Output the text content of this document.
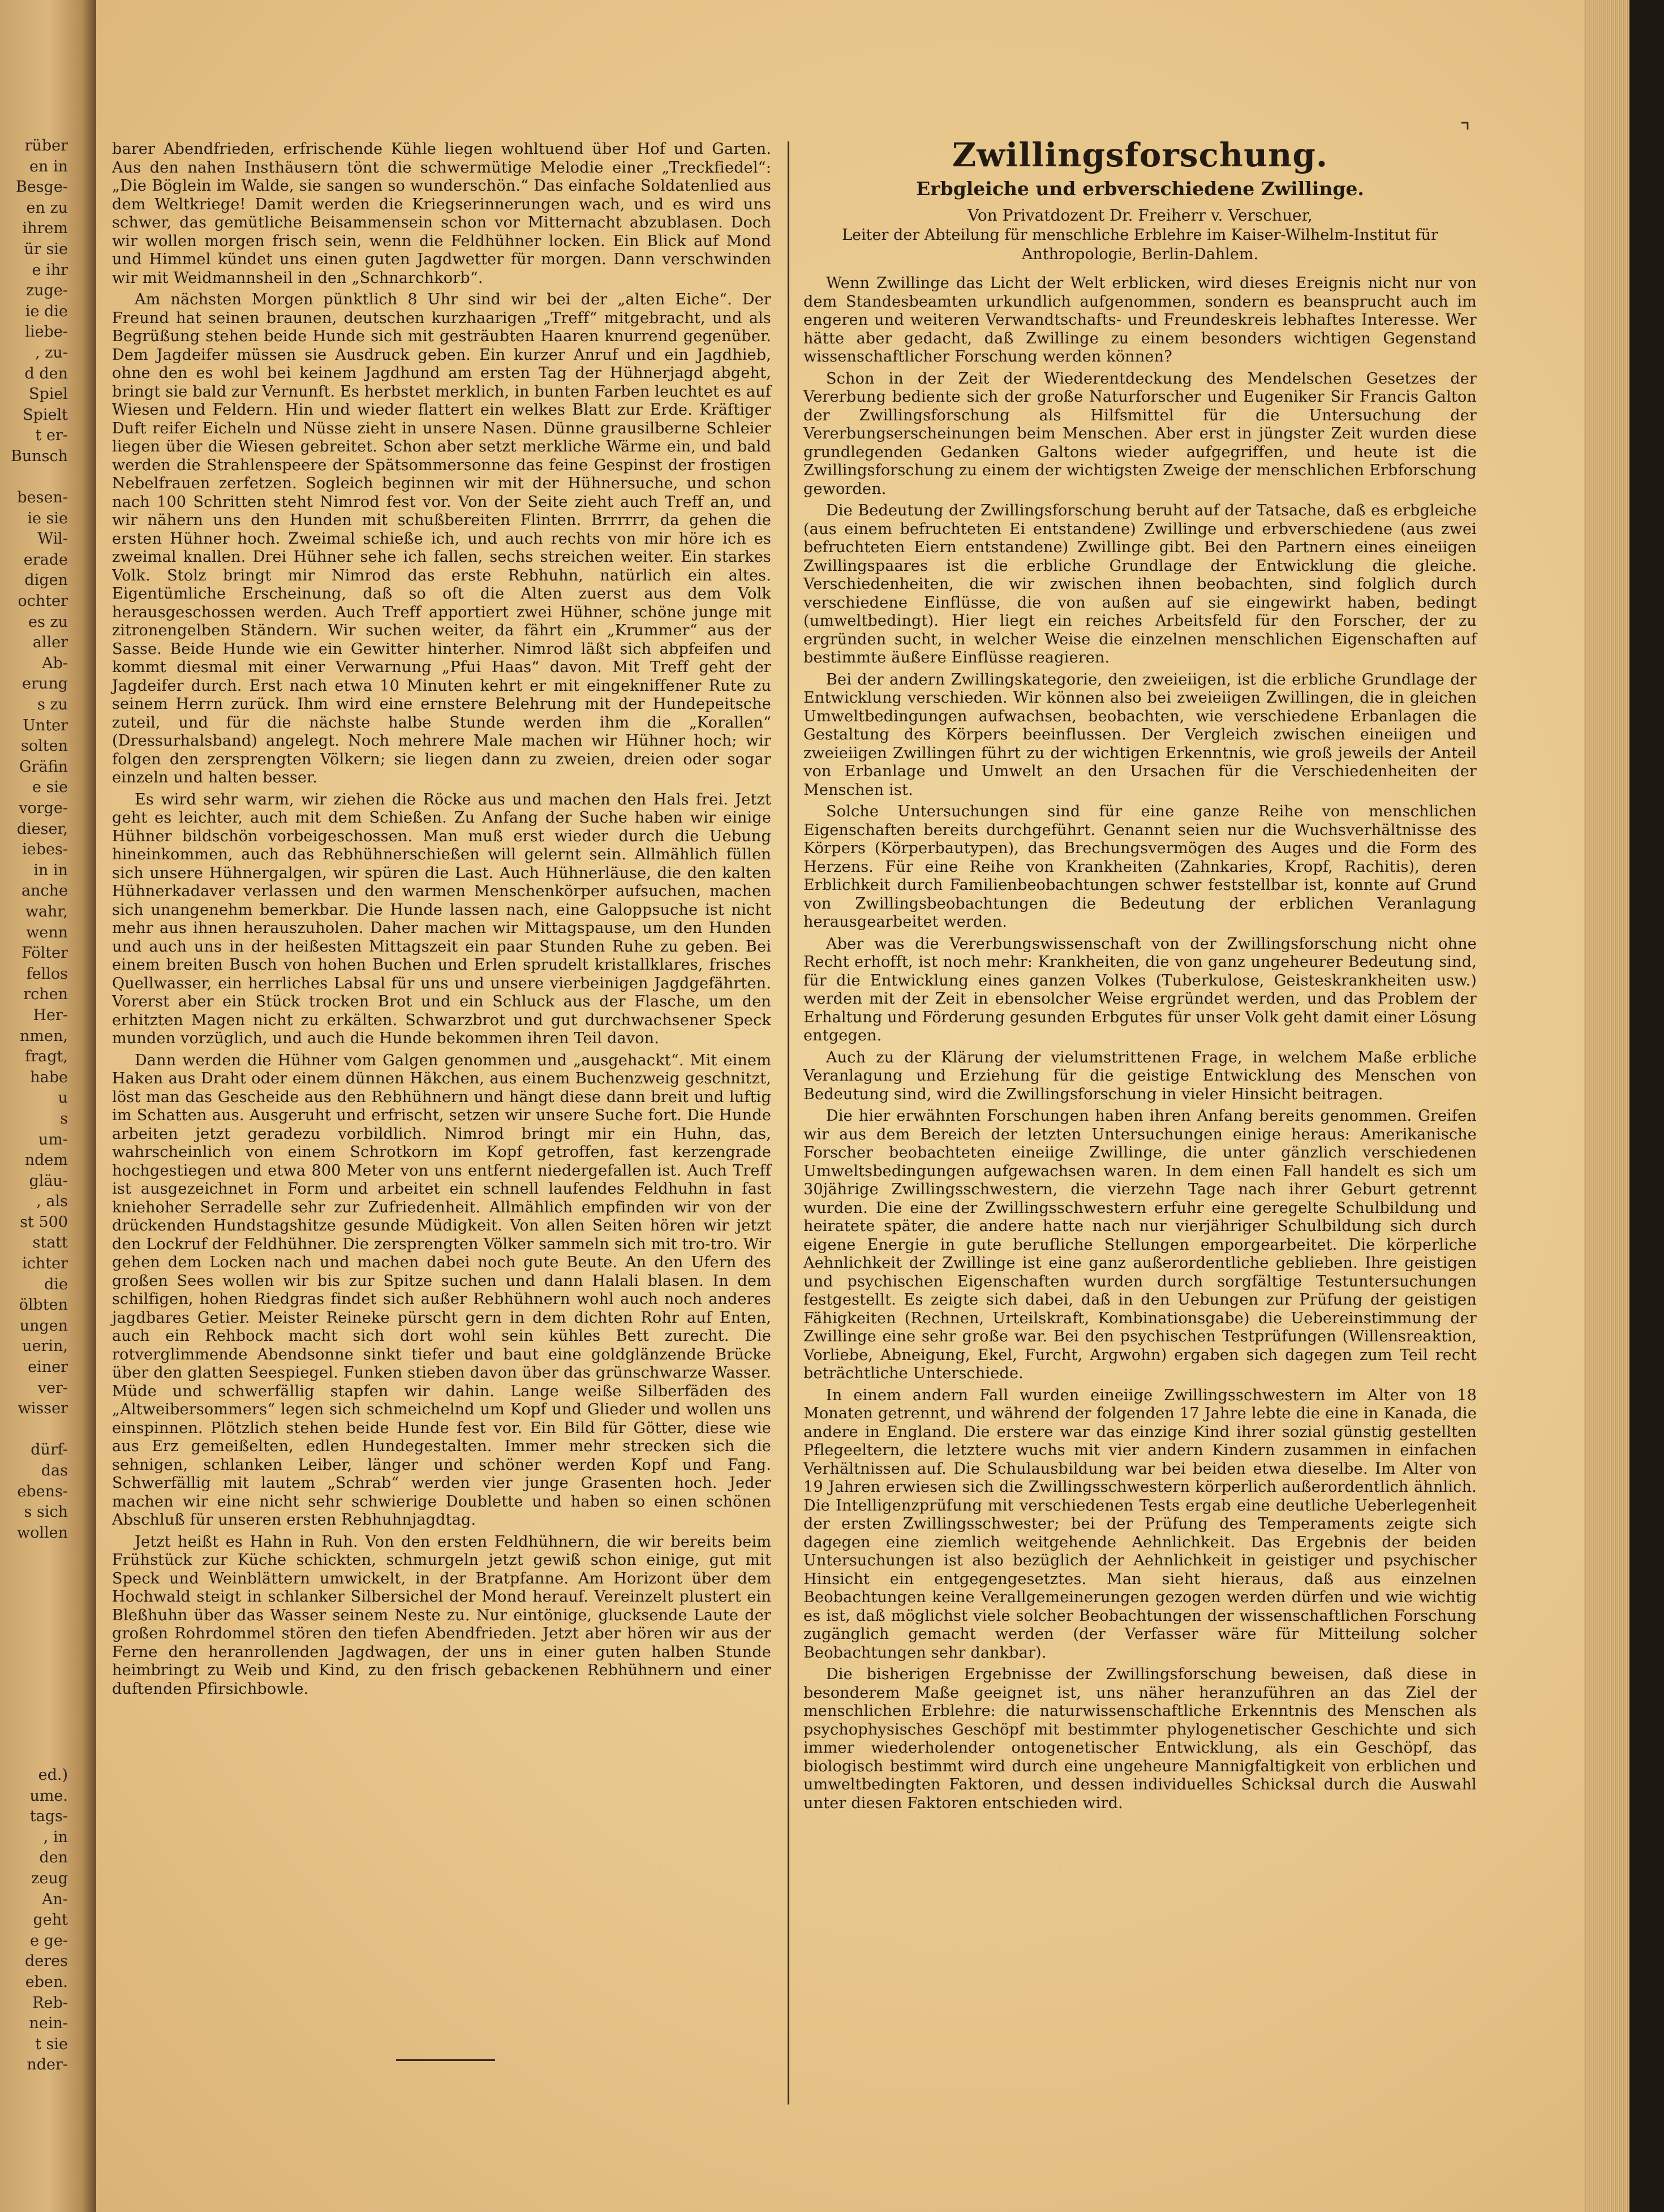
rüber

en in

Besge-

en zu

ihrem

ür sie

e ihr

zuge-

ie die

liebe-

, zu-

d den

Spiel

Spielt

t er-

Bunsch

besen-

ie sie

Wil-

erade

digen

ochter

es zu

aller

Ab-

erung

s zu

Unter

solten

Gräfin

e sie

vorge-

dieser,

iebes-

in in

anche

wahr,

wenn

Fölter

fellos

rchen

Her-

nmen,

fragt,

habe

u

s

um-

ndem

gläu-

, als

st 500

statt

ichter

die

ölbten

ungen

uerin,

einer

ver-

wisser

dürf-

das

ebens-

s sich

wollen

ed.)

ume.

tags-

, in

den

zeug

An-

geht

e ge-

deres

eben.

Reb-

nein-

t sie

nder-

⌝

barer Abendfrieden, erfrischende Kühle liegen wohltuend über Hof und Garten. Aus den nahen Insthäusern tönt die schwermütige Melodie einer „Treckfiedel“: „Die Böglein im Walde, sie sangen so wunderschön.“ Das einfache Soldatenlied aus dem Weltkriege! Damit werden die Kriegserinnerungen wach, und es wird uns schwer, das gemütliche Beisammensein schon vor Mitternacht abzublasen. Doch wir wollen morgen frisch sein, wenn die Feldhühner locken. Ein Blick auf Mond und Himmel kündet uns einen guten Jagdwetter für morgen. Dann verschwinden wir mit Weidmannsheil in den „Schnarchkorb“.

Am nächsten Morgen pünktlich 8 Uhr sind wir bei der „alten Eiche“. Der Freund hat seinen braunen, deutschen kurzhaarigen „Treff“ mitgebracht, und als Begrüßung stehen beide Hunde sich mit gesträubten Haaren knurrend gegenüber. Dem Jagdeifer müssen sie Ausdruck geben. Ein kurzer Anruf und ein Jagdhieb, ohne den es wohl bei keinem Jagdhund am ersten Tag der Hühnerjagd abgeht, bringt sie bald zur Vernunft. Es herbstet merklich, in bunten Farben leuchtet es auf Wiesen und Feldern. Hin und wieder flattert ein welkes Blatt zur Erde. Kräftiger Duft reifer Eicheln und Nüsse zieht in unsere Nasen. Dünne grausilberne Schleier liegen über die Wiesen gebreitet. Schon aber setzt merkliche Wärme ein, und bald werden die Strahlenspeere der Spätsommersonne das feine Gespinst der frostigen Nebelfrauen zerfetzen. Sogleich beginnen wir mit der Hühnersuche, und schon nach 100 Schritten steht Nimrod fest vor. Von der Seite zieht auch Treff an, und wir nähern uns den Hunden mit schußbereiten Flinten. Brrrrrr, da gehen die ersten Hühner hoch. Zweimal schieße ich, und auch rechts von mir höre ich es zweimal knallen. Drei Hühner sehe ich fallen, sechs streichen weiter. Ein starkes Volk. Stolz bringt mir Nimrod das erste Rebhuhn, natürlich ein altes. Eigentümliche Erscheinung, daß so oft die Alten zuerst aus dem Volk herausgeschossen werden. Auch Treff apportiert zwei Hühner, schöne junge mit zitronengelben Ständern. Wir suchen weiter, da fährt ein „Krummer“ aus der Sasse. Beide Hunde wie ein Gewitter hinterher. Nimrod läßt sich abpfeifen und kommt diesmal mit einer Verwarnung „Pfui Haas“ davon. Mit Treff geht der Jagdeifer durch. Erst nach etwa 10 Minuten kehrt er mit eingekniffener Rute zu seinem Herrn zurück. Ihm wird eine ernstere Belehrung mit der Hundepeitsche zuteil, und für die nächste halbe Stunde werden ihm die „Korallen“ (Dressurhalsband) angelegt. Noch mehrere Male machen wir Hühner hoch; wir folgen den zersprengten Völkern; sie liegen dann zu zweien, dreien oder sogar einzeln und halten besser.

Es wird sehr warm, wir ziehen die Röcke aus und machen den Hals frei. Jetzt geht es leichter, auch mit dem Schießen. Zu Anfang der Suche haben wir einige Hühner bildschön vorbeigeschossen. Man muß erst wieder durch die Uebung hineinkommen, auch das Rebhühnerschießen will gelernt sein. Allmählich füllen sich unsere Hühnergalgen, wir spüren die Last. Auch Hühnerläuse, die den kalten Hühnerkadaver verlassen und den warmen Menschenkörper aufsuchen, machen sich unangenehm bemerkbar. Die Hunde lassen nach, eine Galoppsuche ist nicht mehr aus ihnen herauszuholen. Daher machen wir Mittagspause, um den Hunden und auch uns in der heißesten Mittagszeit ein paar Stunden Ruhe zu geben. Bei einem breiten Busch von hohen Buchen und Erlen sprudelt kristallklares, frisches Quellwasser, ein herrliches Labsal für uns und unsere vierbeinigen Jagdgefährten. Vorerst aber ein Stück trocken Brot und ein Schluck aus der Flasche, um den erhitzten Magen nicht zu erkälten. Schwarzbrot und gut durchwachsener Speck munden vorzüglich, und auch die Hunde bekommen ihren Teil davon.

Dann werden die Hühner vom Galgen genommen und „ausgehackt“. Mit einem Haken aus Draht oder einem dünnen Häkchen, aus einem Buchenzweig geschnitzt, löst man das Gescheide aus den Rebhühnern und hängt diese dann breit und luftig im Schatten aus. Ausgeruht und erfrischt, setzen wir unsere Suche fort. Die Hunde arbeiten jetzt geradezu vorbildlich. Nimrod bringt mir ein Huhn, das, wahrscheinlich von einem Schrotkorn im Kopf getroffen, fast kerzengrade hochgestiegen und etwa 800 Meter von uns entfernt niedergefallen ist. Auch Treff ist ausgezeichnet in Form und arbeitet ein schnell laufendes Feldhuhn in fast kniehoher Serradelle sehr zur Zufriedenheit. Allmählich empfinden wir von der drückenden Hundstagshitze gesunde Müdigkeit. Von allen Seiten hören wir jetzt den Lockruf der Feldhühner. Die zersprengten Völker sammeln sich mit tro-tro. Wir gehen dem Locken nach und machen dabei noch gute Beute. An den Ufern des großen Sees wollen wir bis zur Spitze suchen und dann Halali blasen. In dem schilfigen, hohen Riedgras findet sich außer Rebhühnern wohl auch noch anderes jagdbares Getier. Meister Reineke pürscht gern in dem dichten Rohr auf Enten, auch ein Rehbock macht sich dort wohl sein kühles Bett zurecht. Die rotverglimmende Abendsonne sinkt tiefer und baut eine goldglänzende Brücke über den glatten Seespiegel. Funken stieben davon über das grünschwarze Wasser. Müde und schwerfällig stapfen wir dahin. Lange weiße Silberfäden des „Altweibersommers“ legen sich schmeichelnd um Kopf und Glieder und wollen uns einspinnen. Plötzlich stehen beide Hunde fest vor. Ein Bild für Götter, diese wie aus Erz gemeißelten, edlen Hundegestalten. Immer mehr strecken sich die sehnigen, schlanken Leiber, länger und schöner werden Kopf und Fang. Schwerfällig mit lautem „Schrab“ werden vier junge Grasenten hoch. Jeder machen wir eine nicht sehr schwierige Doublette und haben so einen schönen Abschluß für unseren ersten Rebhuhnjagdtag.

Jetzt heißt es Hahn in Ruh. Von den ersten Feldhühnern, die wir bereits beim Frühstück zur Küche schickten, schmurgeln jetzt gewiß schon einige, gut mit Speck und Weinblättern umwickelt, in der Bratpfanne. Am Horizont über dem Hochwald steigt in schlanker Silbersichel der Mond herauf. Vereinzelt plustert ein Bleßhuhn über das Wasser seinem Neste zu. Nur eintönige, glucksende Laute der großen Rohrdommel stören den tiefen Abendfrieden. Jetzt aber hören wir aus der Ferne den heranrollenden Jagdwagen, der uns in einer guten halben Stunde heimbringt zu Weib und Kind, zu den frisch gebackenen Rebhühnern und einer duftenden Pfirsichbowle.

Zwillingsforschung.
Erbgleiche und erbverschiedene Zwillinge.

Von Privatdozent Dr. Freiherr v. Verschuer,

Leiter der Abteilung für menschliche Erblehre im Kaiser-Wilhelm-Institut für Anthropologie, Berlin-Dahlem.

Wenn Zwillinge das Licht der Welt erblicken, wird dieses Ereignis nicht nur von dem Standesbeamten urkundlich aufgenommen, sondern es beansprucht auch im engeren und weiteren Verwandtschafts- und Freundeskreis lebhaftes Interesse. Wer hätte aber gedacht, daß Zwillinge zu einem besonders wichtigen Gegenstand wissenschaftlicher Forschung werden können?

Schon in der Zeit der Wiederentdeckung des Mendelschen Gesetzes der Vererbung bediente sich der große Naturforscher und Eugeniker Sir Francis Galton der Zwillingsforschung als Hilfsmittel für die Untersuchung der Vererbungserscheinungen beim Menschen. Aber erst in jüngster Zeit wurden diese grundlegenden Gedanken Galtons wieder aufgegriffen, und heute ist die Zwillingsforschung zu einem der wichtigsten Zweige der menschlichen Erbforschung geworden.

Die Bedeutung der Zwillingsforschung beruht auf der Tatsache, daß es erbgleiche (aus einem befruchteten Ei entstandene) Zwillinge und erbverschiedene (aus zwei befruchteten Eiern entstandene) Zwillinge gibt. Bei den Partnern eines eineiigen Zwillingspaares ist die erbliche Grundlage der Entwicklung die gleiche. Verschiedenheiten, die wir zwischen ihnen beobachten, sind folglich durch verschiedene Einflüsse, die von außen auf sie eingewirkt haben, bedingt (umweltbedingt). Hier liegt ein reiches Arbeitsfeld für den Forscher, der zu ergründen sucht, in welcher Weise die einzelnen menschlichen Eigenschaften auf bestimmte äußere Einflüsse reagieren.

Bei der andern Zwillingskategorie, den zweieiigen, ist die erbliche Grundlage der Entwicklung verschieden. Wir können also bei zweieiigen Zwillingen, die in gleichen Umweltbedingungen aufwachsen, beobachten, wie verschiedene Erbanlagen die Gestaltung des Körpers beeinflussen. Der Vergleich zwischen eineiigen und zweieiigen Zwillingen führt zu der wichtigen Erkenntnis, wie groß jeweils der Anteil von Erbanlage und Umwelt an den Ursachen für die Verschiedenheiten der Menschen ist.

Solche Untersuchungen sind für eine ganze Reihe von menschlichen Eigenschaften bereits durchgeführt. Genannt seien nur die Wuchsverhältnisse des Körpers (Körperbautypen), das Brechungsvermögen des Auges und die Form des Herzens. Für eine Reihe von Krankheiten (Zahnkaries, Kropf, Rachitis), deren Erblichkeit durch Familienbeobachtungen schwer feststellbar ist, konnte auf Grund von Zwillingsbeobachtungen die Bedeutung der erblichen Veranlagung herausgearbeitet werden.

Aber was die Vererbungswissenschaft von der Zwillingsforschung nicht ohne Recht erhofft, ist noch mehr: Krankheiten, die von ganz ungeheurer Bedeutung sind, für die Entwicklung eines ganzen Volkes (Tuberkulose, Geisteskrankheiten usw.) werden mit der Zeit in ebensolcher Weise ergründet werden, und das Problem der Erhaltung und Förderung gesunden Erbgutes für unser Volk geht damit einer Lösung entgegen.

Auch zu der Klärung der vielumstrittenen Frage, in welchem Maße erbliche Veranlagung und Erziehung für die geistige Entwicklung des Menschen von Bedeutung sind, wird die Zwillingsforschung in vieler Hinsicht beitragen.

Die hier erwähnten Forschungen haben ihren Anfang bereits genommen. Greifen wir aus dem Bereich der letzten Untersuchungen einige heraus: Amerikanische Forscher beobachteten eineiige Zwillinge, die unter gänzlich verschiedenen Umweltsbedingungen aufgewachsen waren. In dem einen Fall handelt es sich um 30jährige Zwillingsschwestern, die vierzehn Tage nach ihrer Geburt getrennt wurden. Die eine der Zwillingsschwestern erfuhr eine geregelte Schulbildung und heiratete später, die andere hatte nach nur vierjähriger Schulbildung sich durch eigene Energie in gute berufliche Stellungen emporgearbeitet. Die körperliche Aehnlichkeit der Zwillinge ist eine ganz außerordentliche geblieben. Ihre geistigen und psychischen Eigenschaften wurden durch sorgfältige Testuntersuchungen festgestellt. Es zeigte sich dabei, daß in den Uebungen zur Prüfung der geistigen Fähigkeiten (Rechnen, Urteilskraft, Kombinationsgabe) die Uebereinstimmung der Zwillinge eine sehr große war. Bei den psychischen Testprüfungen (Willensreaktion, Vorliebe, Abneigung, Ekel, Furcht, Argwohn) ergaben sich dagegen zum Teil recht beträchtliche Unterschiede.

In einem andern Fall wurden eineiige Zwillingsschwestern im Alter von 18 Monaten getrennt, und während der folgenden 17 Jahre lebte die eine in Kanada, die andere in England. Die erstere war das einzige Kind ihrer sozial günstig gestellten Pflegeeltern, die letztere wuchs mit vier andern Kindern zusammen in einfachen Verhältnissen auf. Die Schulausbildung war bei beiden etwa dieselbe. Im Alter von 19 Jahren erwiesen sich die Zwillingsschwestern körperlich außerordentlich ähnlich. Die Intelligenzprüfung mit verschiedenen Tests ergab eine deutliche Ueberlegenheit der ersten Zwillingsschwester; bei der Prüfung des Temperaments zeigte sich dagegen eine ziemlich weitgehende Aehnlichkeit. Das Ergebnis der beiden Untersuchungen ist also bezüglich der Aehnlichkeit in geistiger und psychischer Hinsicht ein entgegengesetztes. Man sieht hieraus, daß aus einzelnen Beobachtungen keine Verallgemeinerungen gezogen werden dürfen und wie wichtig es ist, daß möglichst viele solcher Beobachtungen der wissenschaftlichen Forschung zugänglich gemacht werden (der Verfasser wäre für Mitteilung solcher Beobachtungen sehr dankbar).

Die bisherigen Ergebnisse der Zwillingsforschung beweisen, daß diese in besonderem Maße geeignet ist, uns näher heranzuführen an das Ziel der menschlichen Erblehre: die naturwissenschaftliche Erkenntnis des Menschen als psychophysisches Geschöpf mit bestimmter phylogenetischer Geschichte und sich immer wiederholender ontogenetischer Entwicklung, als ein Geschöpf, das biologisch bestimmt wird durch eine ungeheure Mannigfaltigkeit von erblichen und umweltbedingten Faktoren, und dessen individuelles Schicksal durch die Auswahl unter diesen Faktoren entschieden wird.
